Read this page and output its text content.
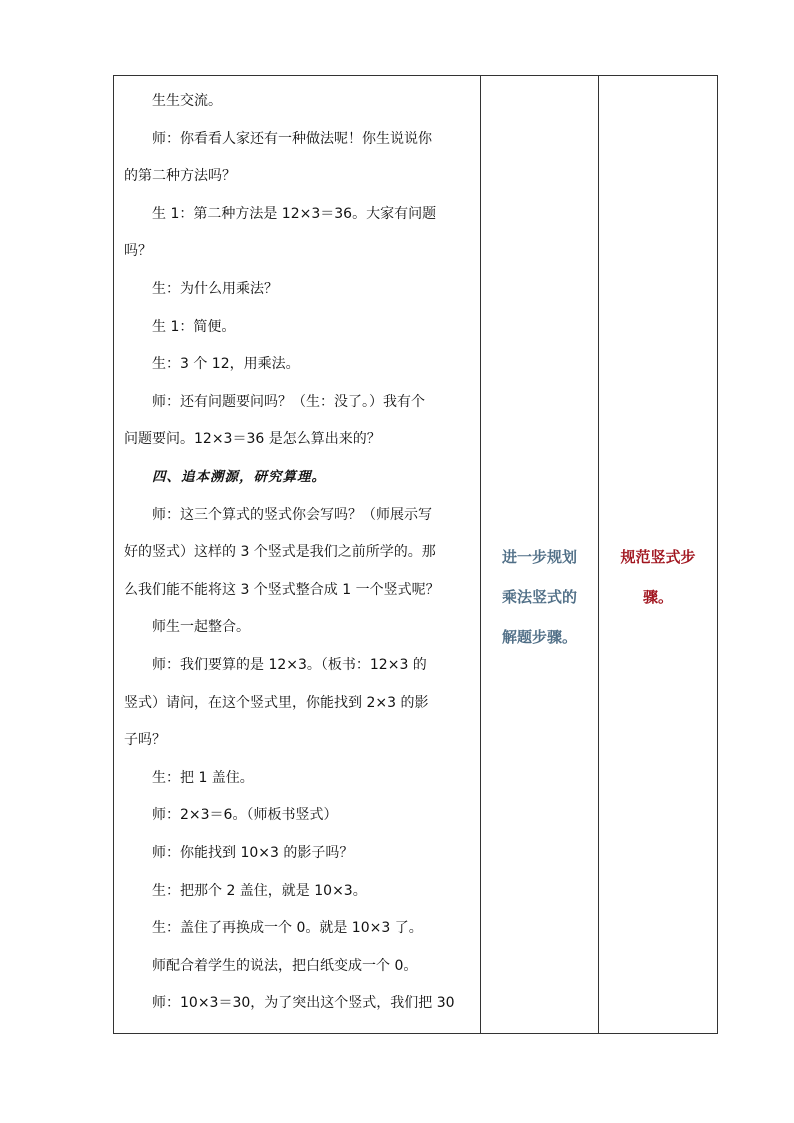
生生交流。
师：你看看人家还有一种做法呢！你生说说你
的第二种方法吗？
生 1：第二种方法是 12×3＝36。大家有问题
吗？
生：为什么用乘法？
生 1：简便。
生：3 个 12，用乘法。
师：还有问题要问吗？（生：没了。）我有个
问题要问。12×3＝36 是怎么算出来的？
四、追本溯源，研究算理。
师：这三个算式的竖式你会写吗？（师展示写
好的竖式）这样的 3 个竖式是我们之前所学的。那
么我们能不能将这 3 个竖式整合成 1 一个竖式呢？
师生一起整合。
师：我们要算的是 12×3。（板书：12×3 的
竖式）请问，在这个竖式里，你能找到 2×3 的影
子吗？
生：把 1 盖住。
师：2×3＝6。（师板书竖式）
师：你能找到 10×3 的影子吗？
生：把那个 2 盖住，就是 10×3。
生：盖住了再换成一个 0。就是 10×3 了。
师配合着学生的说法，把白纸变成一个 0。
师：10×3＝30，为了突出这个竖式，我们把 30
进一步规划
乘法竖式的
解题步骤。
规范竖式步
骤。
